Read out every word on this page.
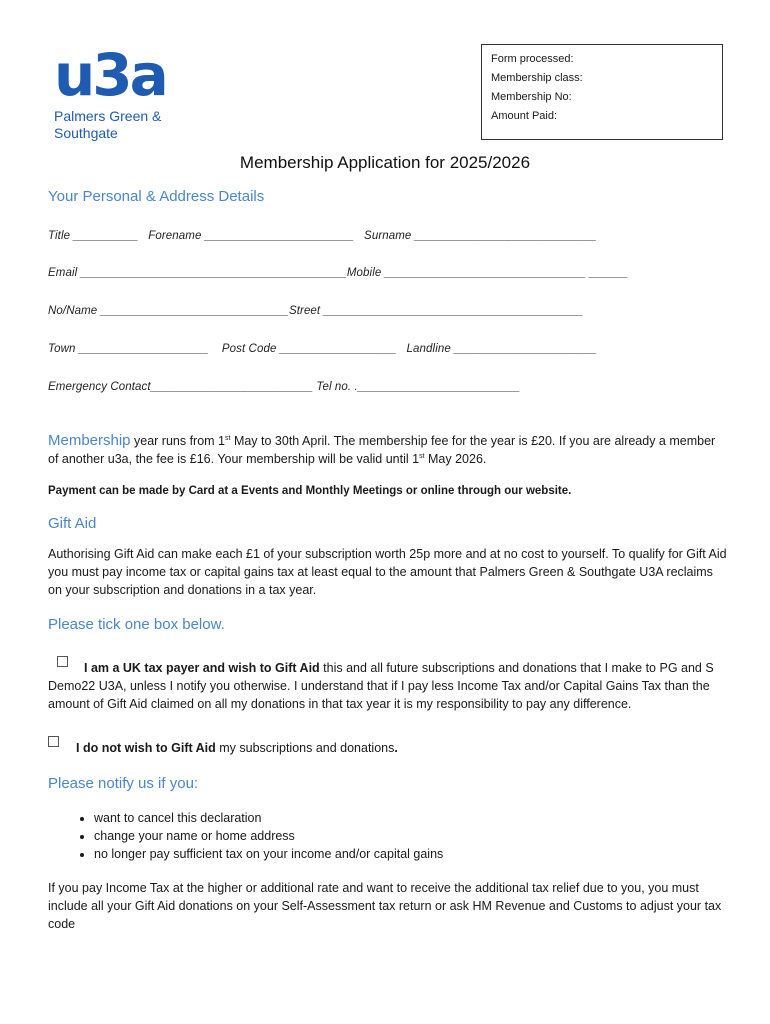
u3a
Palmers Green &
Southgate
Form processed:
Membership class:
Membership No:
Amount Paid:
Membership Application for 2025/2026
Your Personal & Address Details
Title __________   Forename _______________________   Surname ____________________________
Email _________________________________________Mobile _______________________________ ______
No/Name _____________________________Street ________________________________________
Town ____________________    Post Code __________________   Landline ______________________
Emergency Contact_________________________ Tel no. ._________________________
Membership year runs from 1st May to 30th April. The membership fee for the year is £20. If you are already a member of another u3a, the fee is £16. Your membership will be valid until 1st May 2026.
Payment can be made by Card at a Events and Monthly Meetings or online through our website.
Gift Aid
Authorising Gift Aid can make each £1 of your subscription worth 25p more and at no cost to yourself. To qualify for Gift Aid you must pay income tax or capital gains tax at least equal to the amount that Palmers Green & Southgate U3A reclaims on your subscription and donations in a tax year.
Please tick one box below.
I am a UK tax payer and wish to Gift Aid this and all future subscriptions and donations that I make to PG and S Demo22 U3A, unless I notify you otherwise. I understand that if I pay less Income Tax and/or Capital Gains Tax than the amount of Gift Aid claimed on all my donations in that tax year it is my responsibility to pay any difference.
I do not wish to Gift Aid my subscriptions and donations.
Please notify us if you:
• want to cancel this declaration
• change your name or home address
• no longer pay sufficient tax on your income and/or capital gains
If you pay Income Tax at the higher or additional rate and want to receive the additional tax relief due to you, you must include all your Gift Aid donations on your Self-Assessment tax return or ask HM Revenue and Customs to adjust your tax code
